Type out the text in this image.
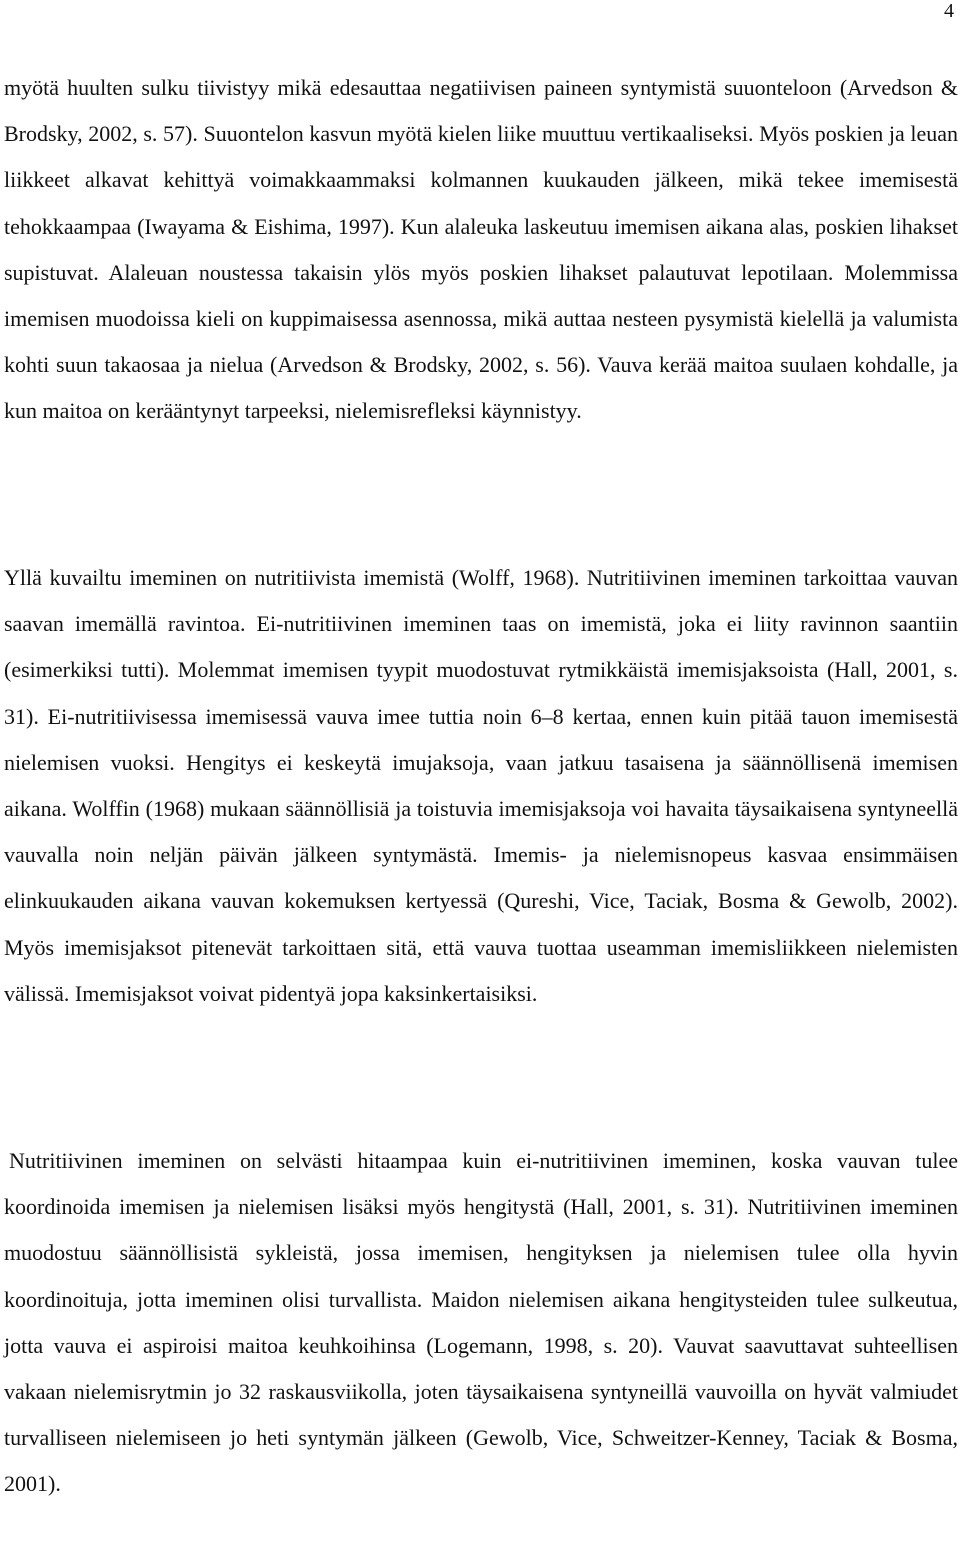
4

myötä huulten sulku tiivistyy mikä edesauttaa negatiivisen paineen syntymistä suuonteloon (Arvedson & Brodsky, 2002, s. 57). Suuontelon kasvun myötä kielen liike muuttuu vertikaaliseksi. Myös poskien ja leuan liikkeet alkavat kehittyä voimakkaammaksi kolmannen kuukauden jälkeen, mikä tekee imemisestä tehokkaampaa (Iwayama & Eishima, 1997). Kun alaleuka laskeutuu imemisen aikana alas, poskien lihakset supistuvat. Alaleuan noustessa takaisin ylös myös poskien lihakset palautuvat lepotilaan. Molemmissa imemisen muodoissa kieli on kuppimaisessa asennossa, mikä auttaa nesteen pysymistä kielellä ja valumista kohti suun takaosaa ja nielua (Arvedson & Brodsky, 2002, s. 56). Vauva kerää maitoa suulaen kohdalle, ja kun maitoa on kerääntynyt tarpeeksi, nielemisrefleksi käynnistyy.

Yllä kuvailtu imeminen on nutritiivista imemistä (Wolff, 1968). Nutritiivinen imeminen tarkoittaa vauvan saavan imemällä ravintoa. Ei-nutritiivinen imeminen taas on imemistä, joka ei liity ravinnon saantiin (esimerkiksi tutti). Molemmat imemisen tyypit muodostuvat rytmikkäistä imemisjaksoista (Hall, 2001, s. 31). Ei-nutritiivisessa imemisessä vauva imee tuttia noin 6–8 kertaa, ennen kuin pitää tauon imemisestä nielemisen vuoksi. Hengitys ei keskeytä imujaksoja, vaan jatkuu tasaisena ja säännöllisenä imemisen aikana. Wolffin (1968) mukaan säännöllisiä ja toistuvia imemisjaksoja voi havaita täysaikaisena syntyneellä vauvalla noin neljän päivän jälkeen syntymästä. Imemis- ja nielemisnopeus kasvaa ensimmäisen elinkuukauden aikana vauvan kokemuksen kertyessä (Qureshi, Vice, Taciak, Bosma & Gewolb, 2002). Myös imemisjaksot pitenevät tarkoittaen sitä, että vauva tuottaa useamman imemisliikkeen nielemisten välissä. Imemisjaksot voivat pidentyä jopa kaksinkertaisiksi.

Nutritiivinen imeminen on selvästi hitaampaa kuin ei-nutritiivinen imeminen, koska vauvan tulee koordinoida imemisen ja nielemisen lisäksi myös hengitystä (Hall, 2001, s. 31). Nutritiivinen imeminen muodostuu säännöllisistä sykleistä, jossa imemisen, hengityksen ja nielemisen tulee olla hyvin koordinoituja, jotta imeminen olisi turvallista. Maidon nielemisen aikana hengitysteiden tulee sulkeutua, jotta vauva ei aspiroisi maitoa keuhkoihinsa (Logemann, 1998, s. 20). Vauvat saavuttavat suhteellisen vakaan nielemisrytmin jo 32 raskausviikolla, joten täysaikaisena syntyneillä vauvoilla on hyvät valmiudet turvalliseen nielemiseen jo heti syntymän jälkeen (Gewolb, Vice, Schweitzer-Kenney, Taciak & Bosma, 2001).
